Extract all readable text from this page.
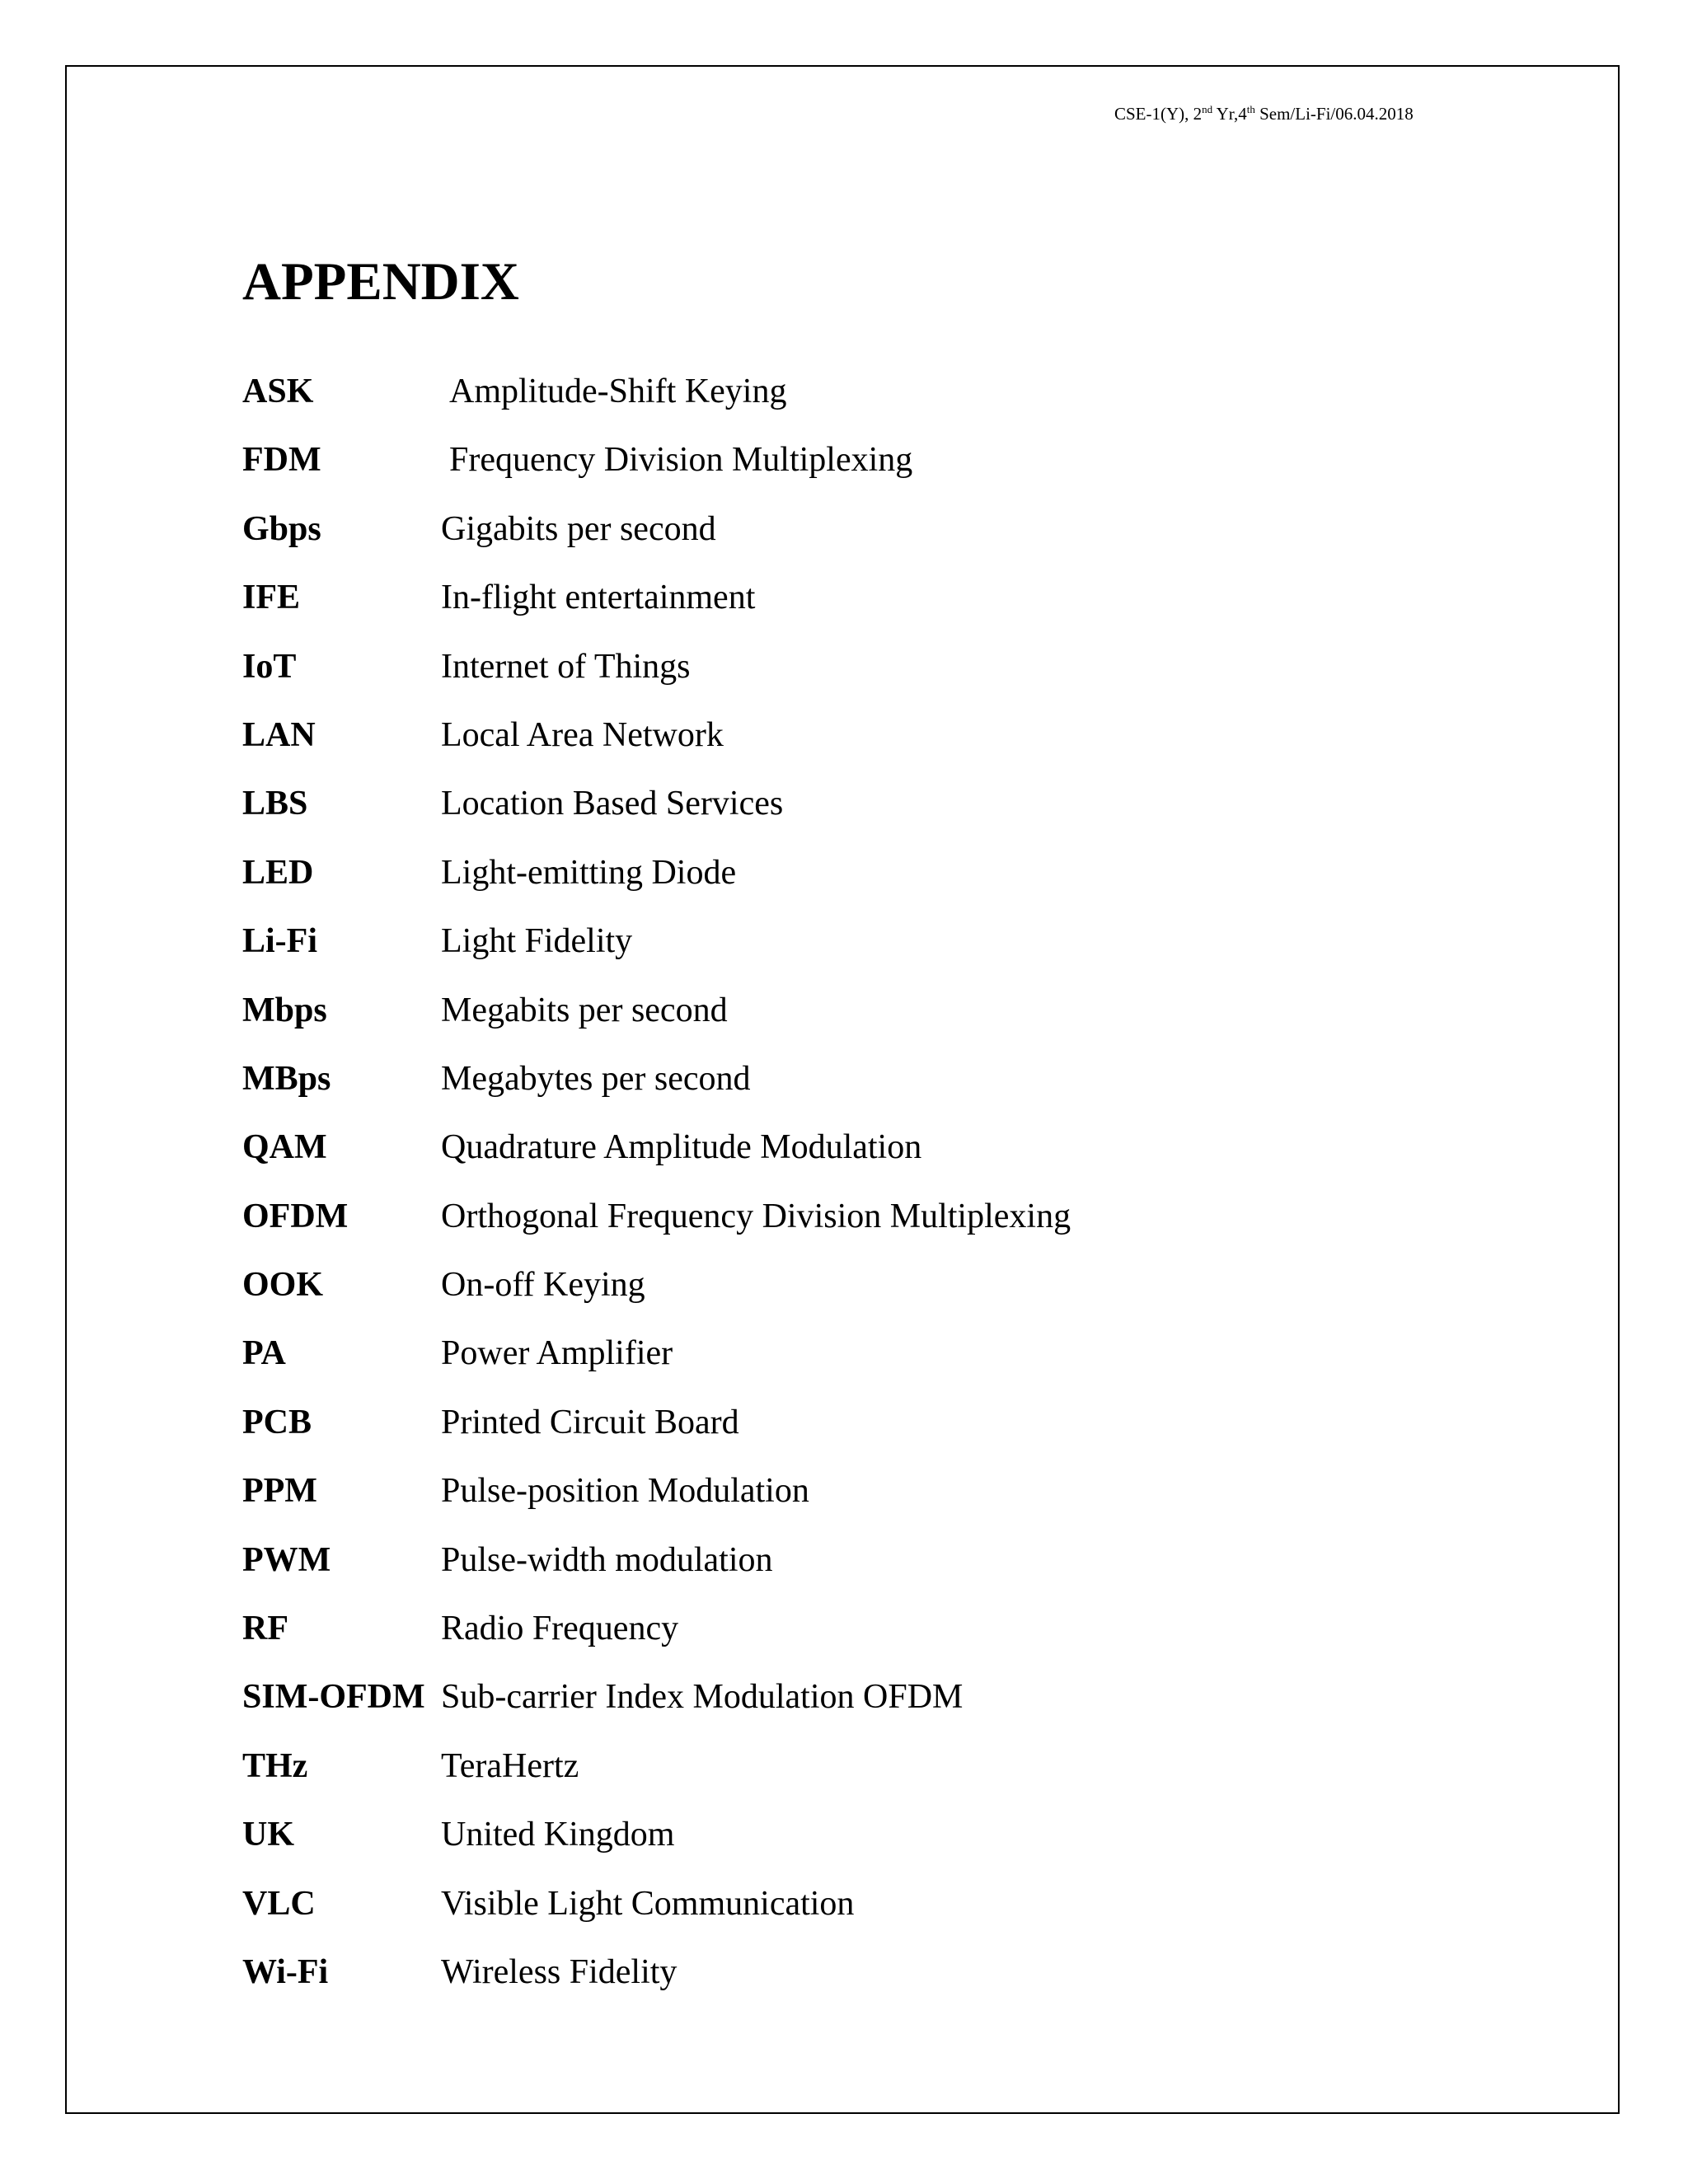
CSE-1(Y), 2nd Yr,4th Sem/Li-Fi/06.04.2018
APPENDIX
ASK	Amplitude-Shift Keying
FDM	Frequency Division Multiplexing
Gbps	Gigabits per second
IFE	In-flight entertainment
IoT	Internet of Things
LAN	Local Area Network
LBS	Location Based Services
LED	Light-emitting Diode
Li-Fi	Light Fidelity
Mbps	Megabits per second
MBps	Megabytes per second
QAM	Quadrature Amplitude Modulation
OFDM	Orthogonal Frequency Division Multiplexing
OOK	On-off Keying
PA	Power Amplifier
PCB	Printed Circuit Board
PPM	Pulse-position Modulation
PWM	Pulse-width modulation
RF	Radio Frequency
SIM-OFDM Sub-carrier Index Modulation OFDM
THz	TeraHertz
UK	United Kingdom
VLC	Visible Light Communication
Wi-Fi	Wireless Fidelity
